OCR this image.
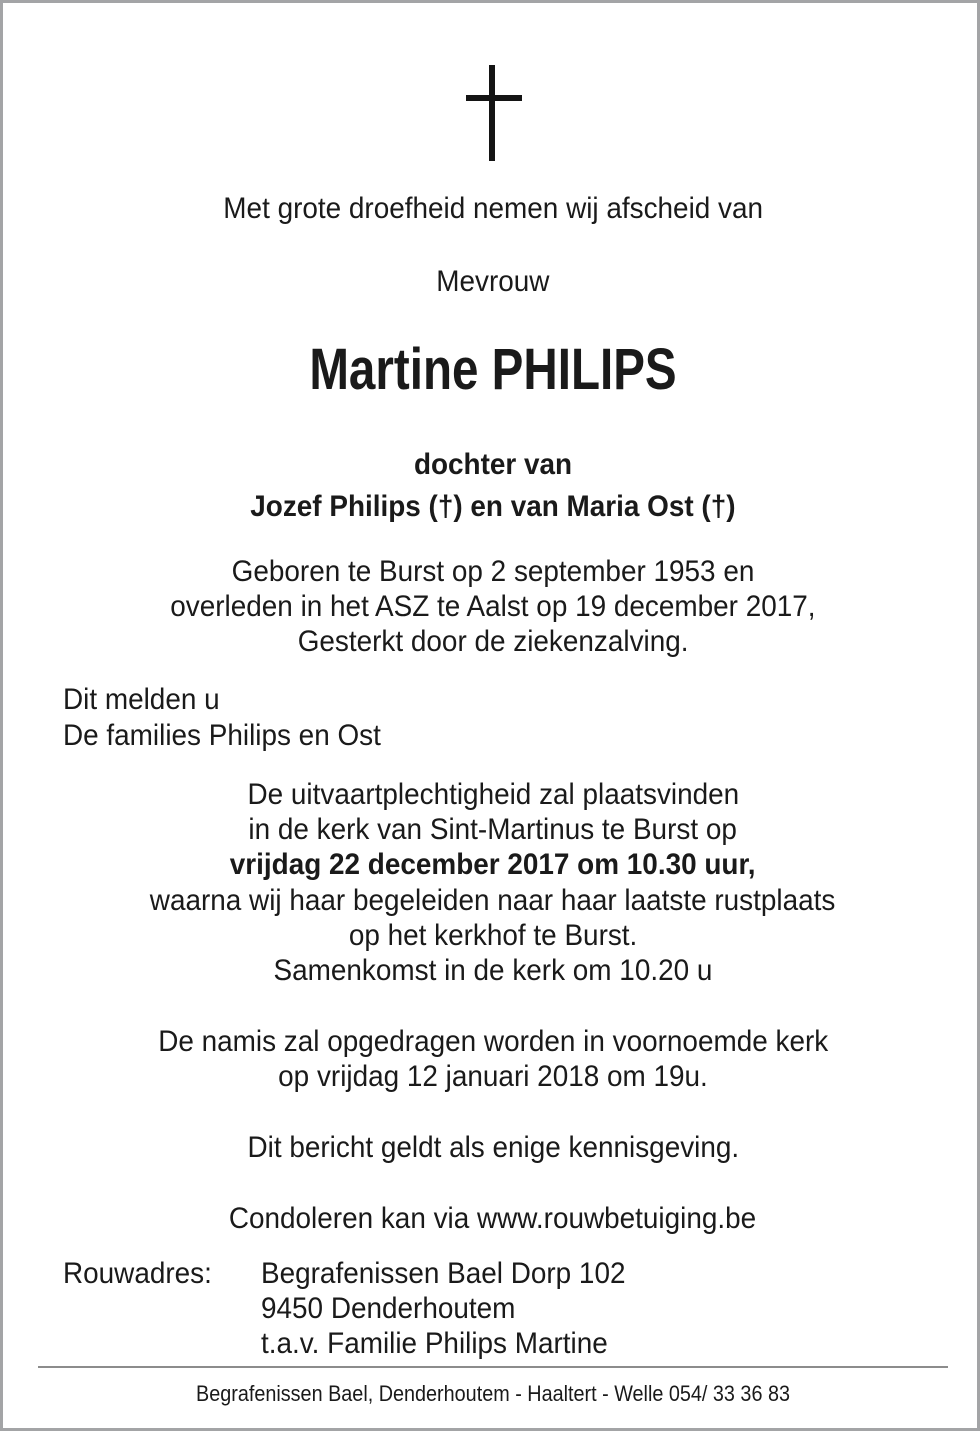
Met grote droefheid nemen wij afscheid van
Mevrouw
Martine PHILIPS
dochter van
Jozef Philips (†) en van Maria Ost (†)
Geboren te Burst op 2 september 1953 en
overleden in het ASZ te Aalst op 19 december 2017,
Gesterkt door de ziekenzalving.
Dit melden u
De families Philips en Ost
De uitvaartplechtigheid zal plaatsvinden
in de kerk van Sint-Martinus te Burst op
vrijdag 22 december 2017 om 10.30 uur,
waarna wij haar begeleiden naar haar laatste rustplaats
op het kerkhof te Burst.
Samenkomst in de kerk om 10.20 u
De namis zal opgedragen worden in voornoemde kerk
op vrijdag 12 januari 2018 om 19u.
Dit bericht geldt als enige kennisgeving.
Condoleren kan via www.rouwbetuiging.be
Rouwadres: Begrafenissen Bael Dorp 102
9450 Denderhoutem
t.a.v. Familie Philips Martine
Begrafenissen Bael, Denderhoutem - Haaltert - Welle 054/ 33 36 83
